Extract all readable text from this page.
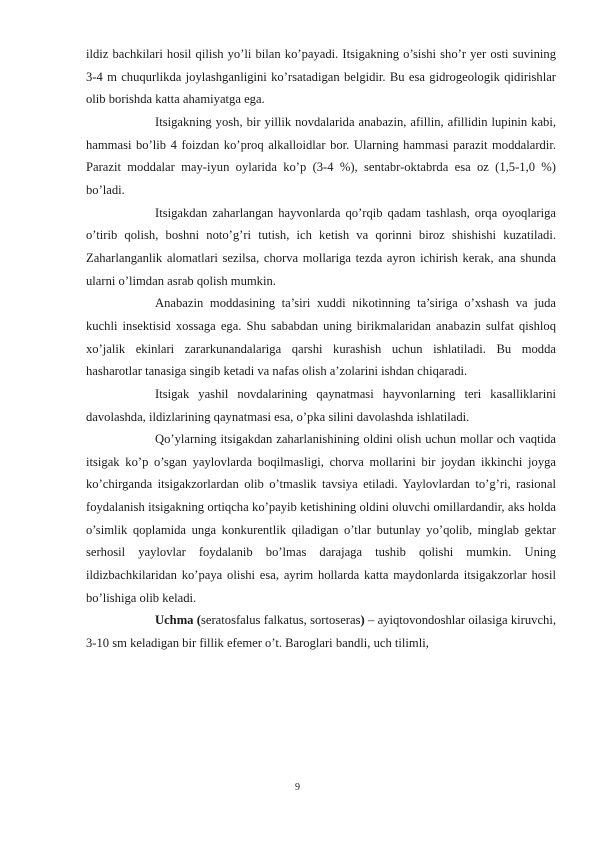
ildiz bachkilari hosil qilish yo’li bilan ko’payadi. Itsigakning o’sishi sho’r yer osti suvining 3-4 m chuqurlikda joylashganligini ko’rsatadigan belgidir. Bu esa gidrogeologik qidirishlar olib borishda katta ahamiyatga ega.

Itsigakning yosh, bir yillik novdalarida anabazin, afillin, afillidin lupinin kabi, hammasi bo’lib 4 foizdan ko’proq alkalloidlar bor. Ularning hammasi parazit moddalardir. Parazit moddalar may-iyun oylarida ko’p (3-4 %), sentabr-oktabrda esa oz (1,5-1,0 %) bo’ladi.

Itsigakdan zaharlangan hayvonlarda qo’rqib qadam tashlash, orqa oyoqlariga o’tirib qolish, boshni noto’g’ri tutish, ich ketish va qorinni biroz shishishi kuzatiladi. Zaharlanganlik alomatlari sezilsa, chorva mollariga tezda ayron ichirish kerak, ana shunda ularni o’limdan asrab qolish mumkin.

Anabazin moddasining ta’siri xuddi nikotinning ta’siriga o’xshash va juda kuchli insektisid xossaga ega. Shu sababdan uning birikmalaridan anabazin sulfat qishloq xo’jalik ekinlari zararkunandalariga qarshi kurashish uchun ishlatiladi. Bu modda hasharotlar tanasiga singib ketadi va nafas olish a’zolarini ishdan chiqaradi.

Itsigak yashil novdalarining qaynatmasi hayvonlarning teri kasalliklarini davolashda, ildizlarining qaynatmasi esa, o’pka silini davolashda ishlatiladi.

Qo’ylarning itsigakdan zaharlanishining oldini olish uchun mollar och vaqtida itsigak ko’p o’sgan yaylovlarda boqilmasligi, chorva mollarini bir joydan ikkinchi joyga ko’chirganda itsigakzorlardan olib o’tmaslik tavsiya etiladi. Yaylovlardan to’g’ri, rasional foydalanish itsigakning ortiqcha ko’payib ketishining oldini oluvchi omillardandir, aks holda o’simlik qoplamida unga konkurentlik qiladigan o’tlar butunlay yo’qolib, minglab gektar serhosil yaylovlar foydalanib bo’lmas darajaga tushib qolishi mumkin. Uning ildizbachkilaridan ko’paya olishi esa, ayrim hollarda katta maydonlarda itsigakzorlar hosil bo’lishiga olib keladi.

Uchma (seratosfalus falkatus, sortoseras) – ayiqtovondoshlar oilasiga kiruvchi, 3-10 sm keladigan bir fillik efemer o’t. Baroglari bandli, uch tilimli,

9
